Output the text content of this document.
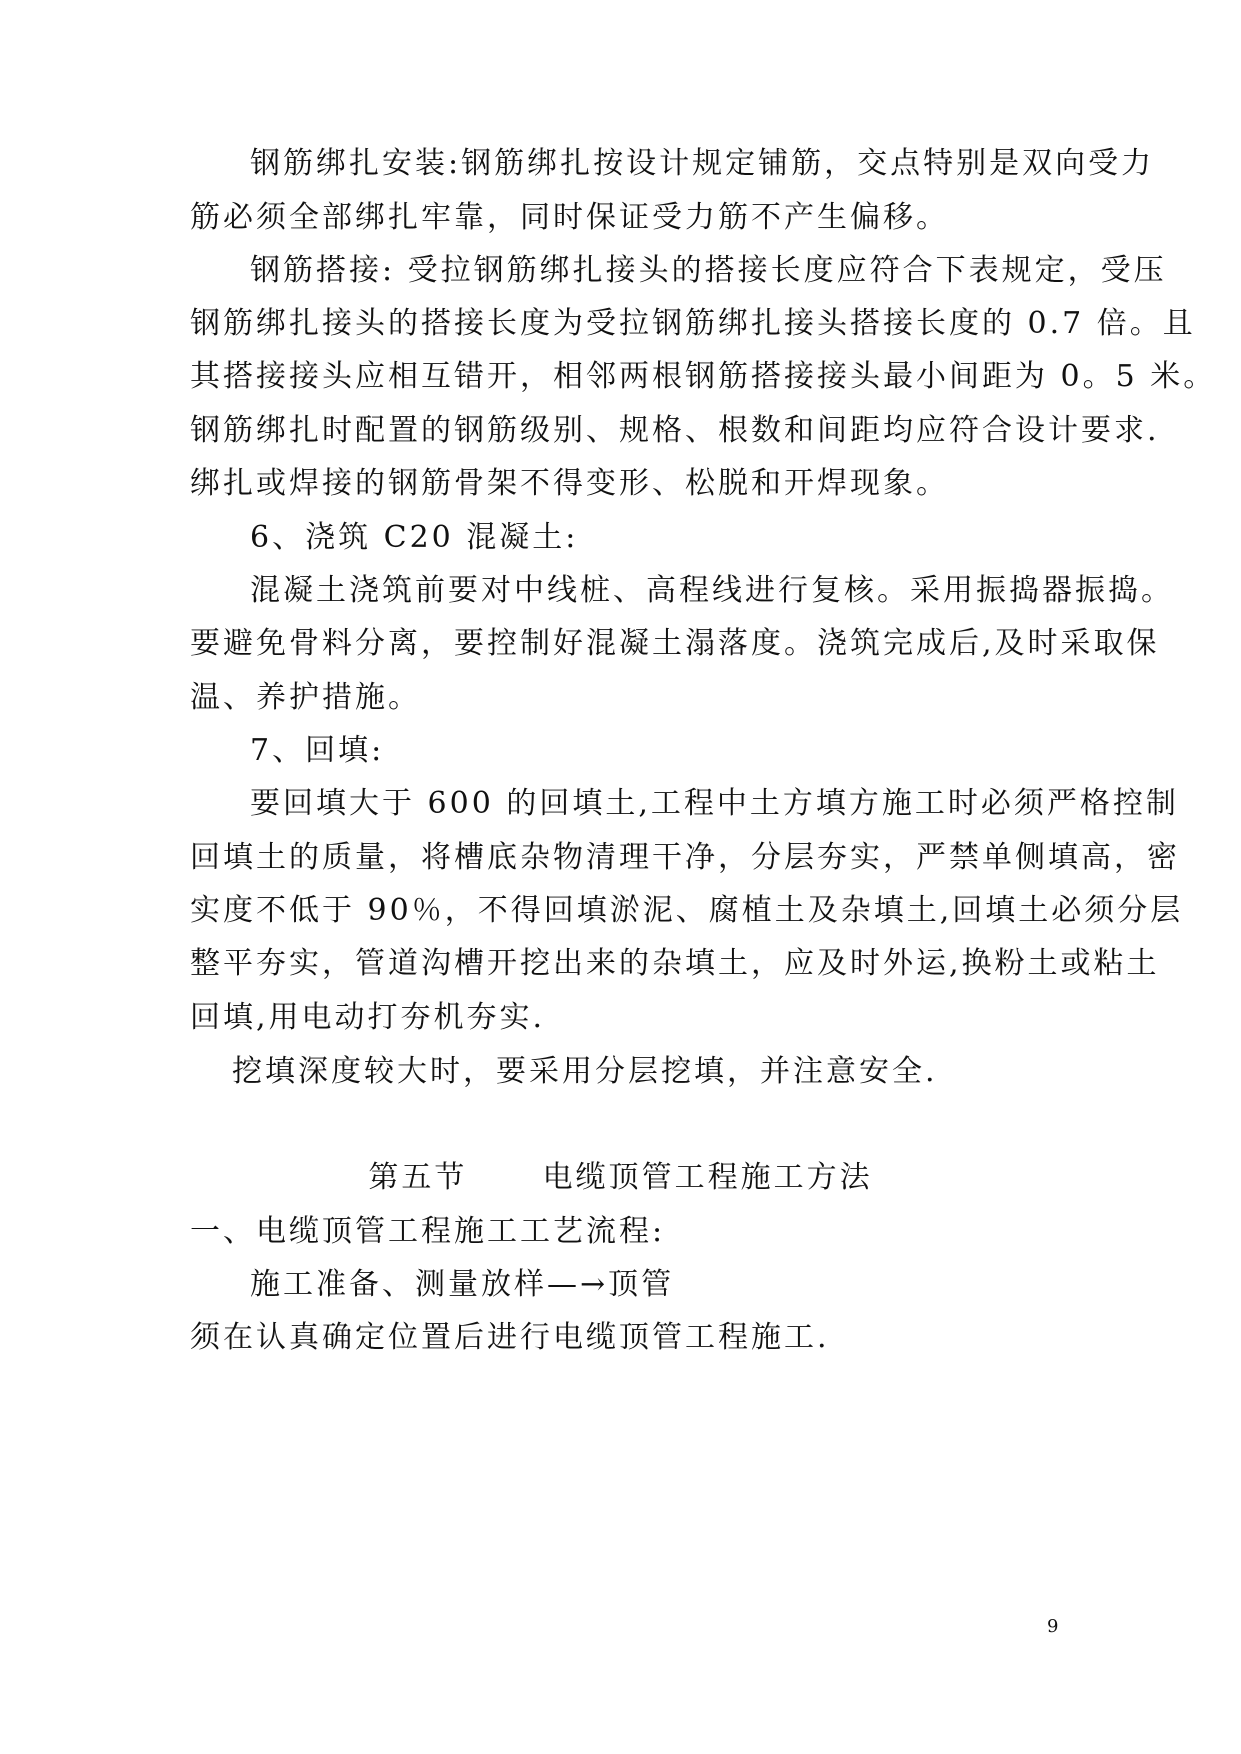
钢筋绑扎安装:钢筋绑扎按设计规定铺筋，交点特别是双向受力
筋必须全部绑扎牢靠，同时保证受力筋不产生偏移。
钢筋搭接: 受拉钢筋绑扎接头的搭接长度应符合下表规定，受压
钢筋绑扎接头的搭接长度为受拉钢筋绑扎接头搭接长度的 0.7 倍。且
其搭接接头应相互错开，相邻两根钢筋搭接接头最小间距为 0。5 米。
钢筋绑扎时配置的钢筋级别、规格、根数和间距均应符合设计要求.
绑扎或焊接的钢筋骨架不得变形、松脱和开焊现象。
6、浇筑 C20 混凝土:
混凝土浇筑前要对中线桩、高程线进行复核。采用振捣器振捣。
要避免骨料分离，要控制好混凝土溻落度。浇筑完成后,及时采取保
温、养护措施。
7、回填:
要回填大于 600 的回填土,工程中土方填方施工时必须严格控制
回填土的质量，将槽底杂物清理干净，分层夯实，严禁单侧填高，密
实度不低于 90％，不得回填淤泥、腐植土及杂填土,回填土必须分层
整平夯实，管道沟槽开挖出来的杂填土，应及时外运,换粉土或粘土
回填,用电动打夯机夯实.
挖填深度较大时，要采用分层挖填，并注意安全.
第五节      电缆顶管工程施工方法
一、电缆顶管工程施工工艺流程:
施工准备、测量放样—→顶管
须在认真确定位置后进行电缆顶管工程施工.
9
